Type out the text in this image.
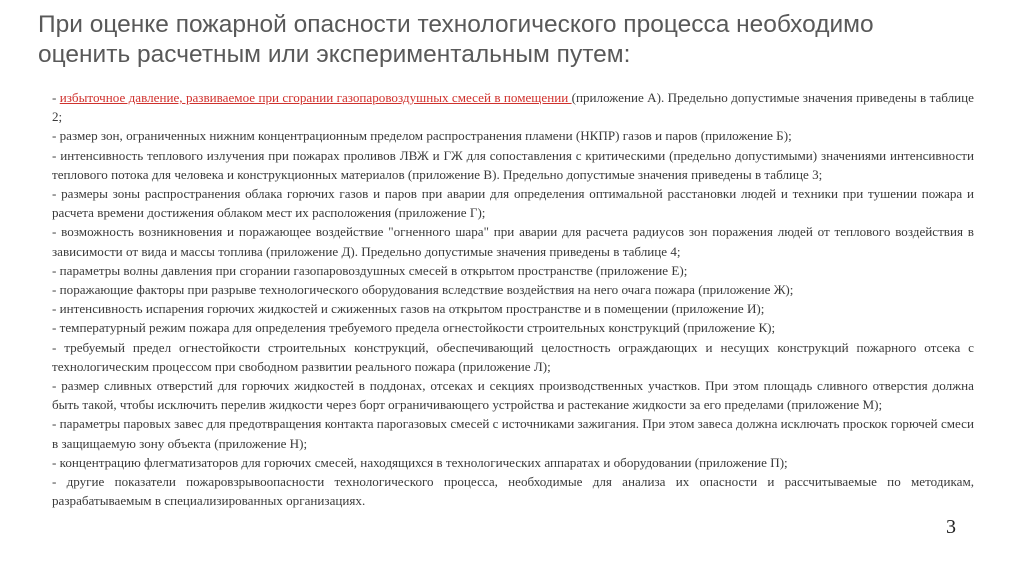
При оценке пожарной опасности технологического процесса необходимо
оценить расчетным или экспериментальным путем:

- избыточное давление, развиваемое при сгорании газопаровоздушных смесей в помещении (приложение А). Предельно допустимые значения приведены в таблице 2;

- размер зон, ограниченных нижним концентрационным пределом распространения пламени (НКПР) газов и паров (приложение Б);

- интенсивность теплового излучения при пожарах проливов ЛВЖ и ГЖ для сопоставления с критическими (предельно допустимыми) значениями интенсивности теплового потока для человека и конструкционных материалов (приложение В). Предельно допустимые значения приведены в таблице 3;

- размеры зоны распространения облака горючих газов и паров при аварии для определения оптимальной расстановки людей и техники при тушении пожара и расчета времени достижения облаком мест их расположения (приложение Г);

- возможность возникновения и поражающее воздействие "огненного шара" при аварии для расчета радиусов зон поражения людей от теплового воздействия в зависимости от вида и массы топлива (приложение Д). Предельно допустимые значения приведены в таблице 4;

- параметры волны давления при сгорании газопаровоздушных смесей в открытом пространстве (приложение Е);

- поражающие факторы при разрыве технологического оборудования вследствие воздействия на него очага пожара (приложение Ж);

- интенсивность испарения горючих жидкостей и сжиженных газов на открытом пространстве и в помещении (приложение И);

- температурный режим пожара для определения требуемого предела огнестойкости строительных конструкций (приложение К);

- требуемый предел огнестойкости строительных конструкций, обеспечивающий целостность ограждающих и несущих конструкций пожарного отсека с технологическим процессом при свободном развитии реального пожара (приложение Л);

- размер сливных отверстий для горючих жидкостей в поддонах, отсеках и секциях производственных участков. При этом площадь сливного отверстия должна быть такой, чтобы исключить перелив жидкости через борт ограничивающего устройства и растекание жидкости за его пределами (приложение М);

- параметры паровых завес для предотвращения контакта парогазовых смесей с источниками зажигания. При этом завеса должна исключать проскок горючей смеси в защищаемую зону объекта (приложение Н);

- концентрацию флегматизаторов для горючих смесей, находящихся в технологических аппаратах и оборудовании (приложение П);

- другие показатели пожаровзрывоопасности технологического процесса, необходимые для анализа их опасности и рассчитываемые по методикам, разрабатываемым в специализированных организациях.

3
